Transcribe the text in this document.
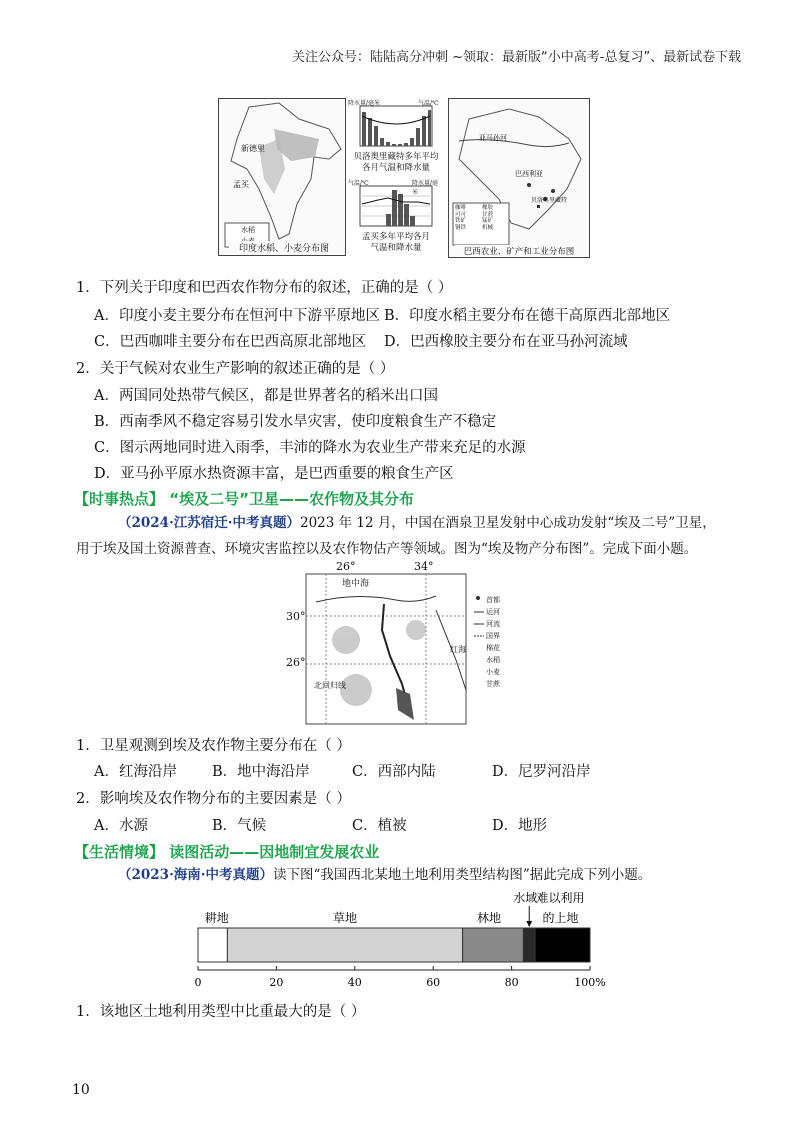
关注公众号：陆陆高分冲刺 ~领取：最新版“小中高考-总复习”、最新试卷下载
新德里
孟买
水稻
印度水稻、小麦分布图
降水量/毫米	气温/℃
贝洛奥里藏特多年平均
各月气温和降水量
气温/℃	降水量/毫米
孟买多年平均各月
气温和降水量
亚马孙河
巴西利亚
贝洛奥里藏特
咖啡	橡胶
可可	甘蔗
铁矿	锰矿
钢铁	机械
巴西农业、矿产和工业分布图
1．下列关于印度和巴西农作物分布的叙述，正确的是（ ）
A．印度小麦主要分布在恒河中下游平原地区 B．印度水稻主要分布在德干高原西北部地区
C．巴西咖啡主要分布在巴西高原北部地区 D．巴西橡胶主要分布在亚马孙河流域
2．关于气候对农业生产影响的叙述正确的是（ ）
A．两国同处热带气候区，都是世界著名的稻米出口国
B．西南季风不稳定容易引发水旱灾害，使印度粮食生产不稳定
C．图示两地同时进入雨季，丰沛的降水为农业生产带来充足的水源
D．亚马孙平原水热资源丰富，是巴西重要的粮食生产区
【时事热点】 “埃及二号”卫星——农作物及其分布
（2024·江苏宿迁·中考真题）2023 年 12 月，中国在酒泉卫星发射中心成功发射“埃及二号”卫星，
用于埃及国土资源普查、环境灾害监控以及农作物估产等领域。图为“埃及物产分布图”。完成下面小题。
26°	34°
30°
26°
地中海
红海
北回归线
首都
运河
河流
国界
棉花
水稻
小麦
甘蔗
1．卫星观测到埃及农作物主要分布在（ ）
A．红海沿岸 B．地中海沿岸	C．西部内陆	D．尼罗河沿岸
2．影响埃及农作物分布的主要因素是（ ）
A．水源	B．气候	C．植被	D．地形
【生活情境】 读图活动——因地制宜发展农业
（2023·海南·中考真题）读下图“我国西北某地土地利用类型结构图”据此完成下列小题。
0	20	40	60	80	100%
耕地	草地	林地
水域 难以利用
的上地
1．该地区土地利用类型中比重最大的是（ ）
10
